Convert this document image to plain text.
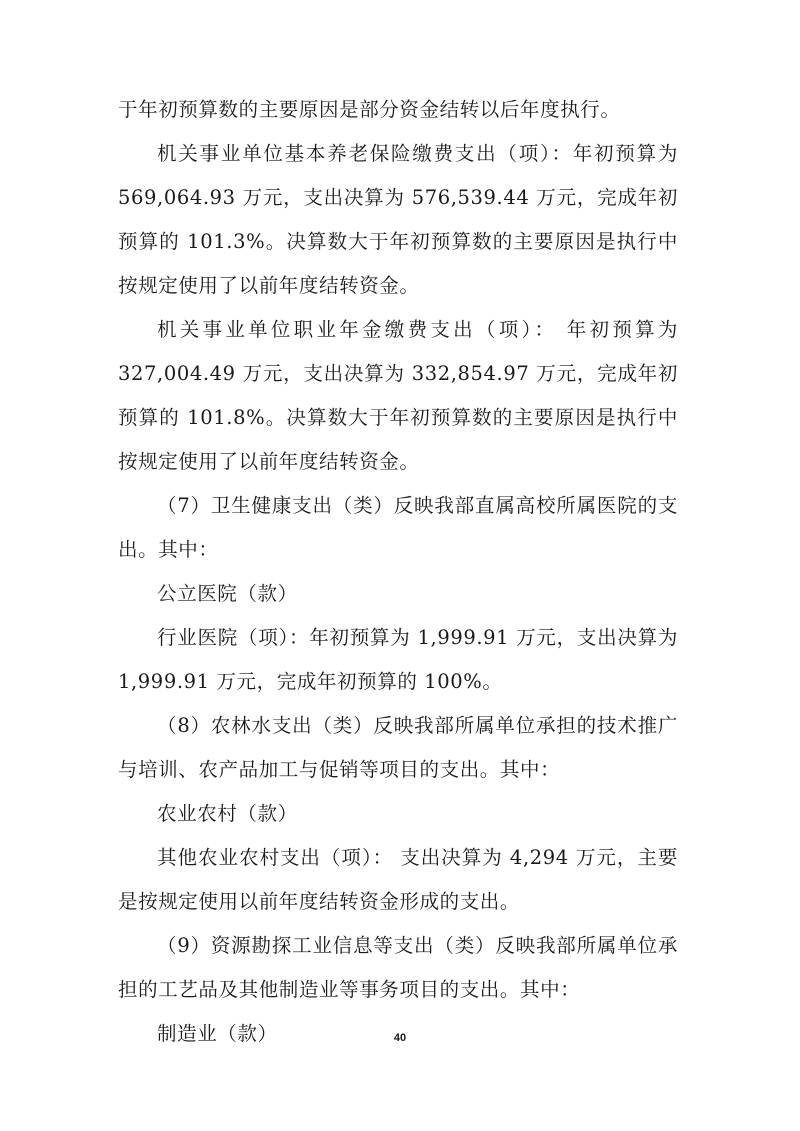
于年初预算数的主要原因是部分资金结转以后年度执行。

机关事业单位基本养老保险缴费支出（项）：年初预算为 569,064.93 万元，支出决算为 576,539.44 万元，完成年初预算的 101.3%。决算数大于年初预算数的主要原因是执行中按规定使用了以前年度结转资金。

机关事业单位职业年金缴费支出（项）： 年初预算为 327,004.49 万元，支出决算为 332,854.97 万元，完成年初预算的 101.8%。决算数大于年初预算数的主要原因是执行中按规定使用了以前年度结转资金。

（7）卫生健康支出（类）反映我部直属高校所属医院的支出。其中：

公立医院（款）

行业医院（项）：年初预算为 1,999.91 万元，支出决算为 1,999.91 万元，完成年初预算的 100%。

（8）农林水支出（类）反映我部所属单位承担的技术推广与培训、农产品加工与促销等项目的支出。其中：

农业农村（款）

其他农业农村支出（项）： 支出决算为 4,294 万元，主要是按规定使用以前年度结转资金形成的支出。

（9）资源勘探工业信息等支出（类）反映我部所属单位承担的工艺品及其他制造业等事务项目的支出。其中：

制造业（款）	40
